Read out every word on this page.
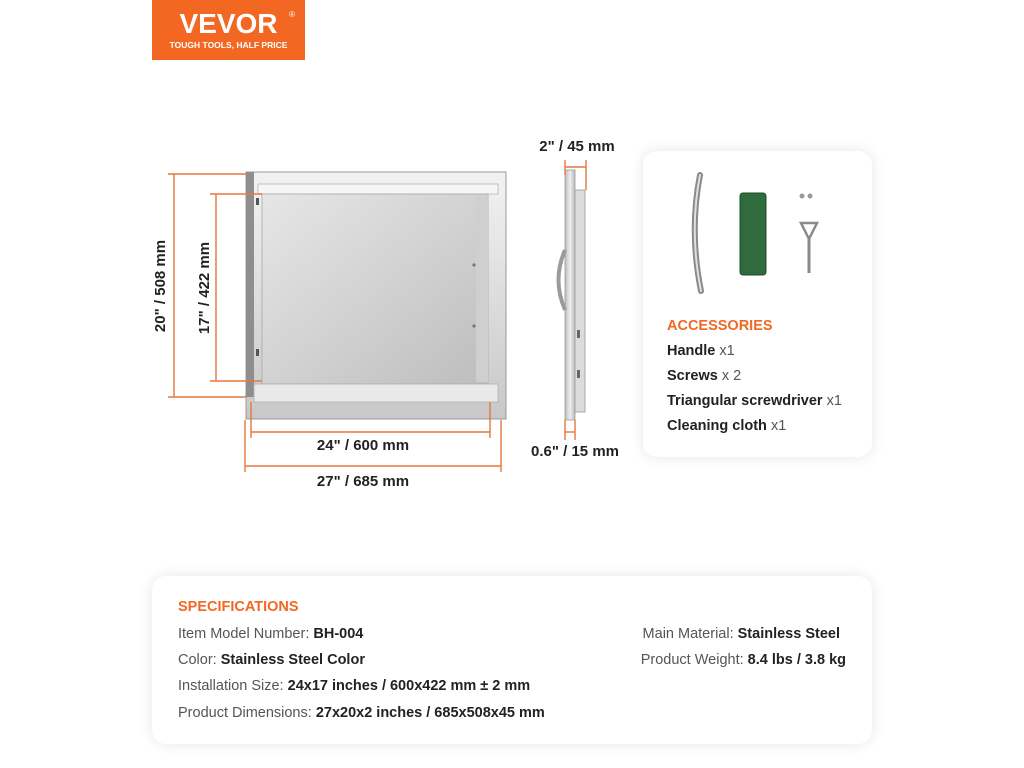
VEVOR	®
TOUGH TOOLS, HALF PRICE
20" / 508 mm 17" / 422 mm
24" / 600 mm
27" / 685 mm
2" / 45 mm
0.6" / 15 mm
ACCESSORIES
Handle x1
Screws x 2
Triangular screwdriver x1
Cleaning cloth x1
SPECIFICATIONS
Item Model Number: BH-004
Color: Stainless Steel Color
Installation Size: 24x17 inches / 600x422 mm ± 2 mm
Product Dimensions: 27x20x2 inches / 685x508x45 mm
Main Material: Stainless Steel
Product Weight: 8.4 lbs / 3.8 kg
